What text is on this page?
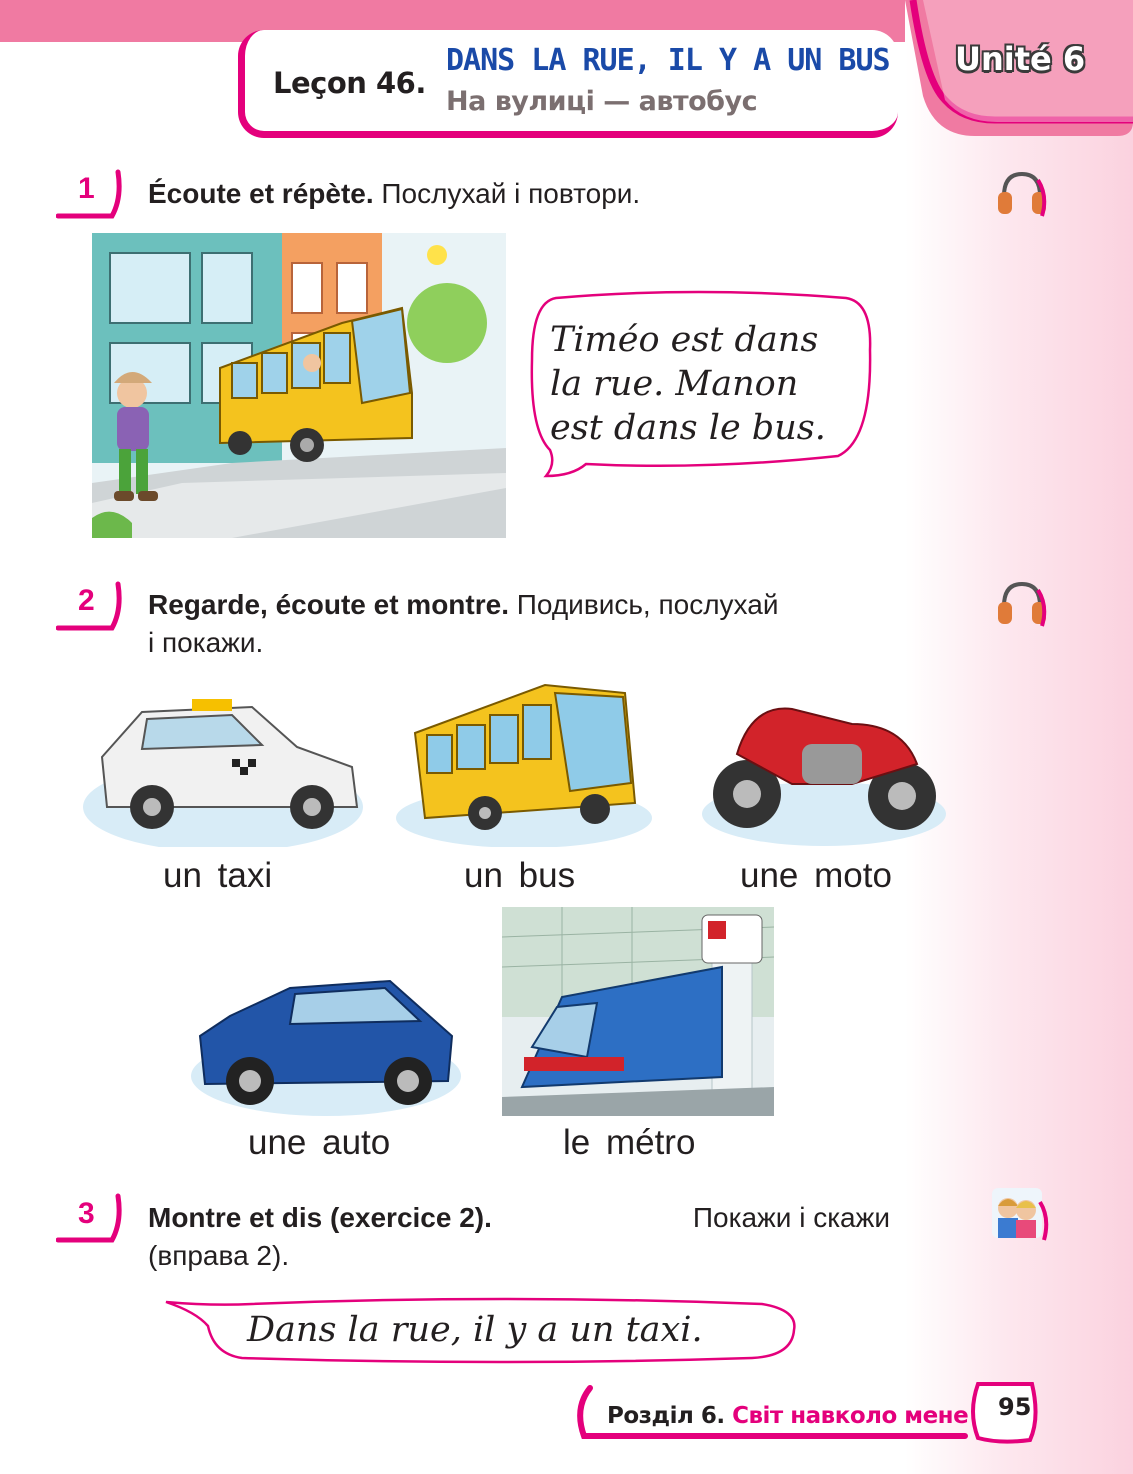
Leçon 46.
DANS LA RUE, IL Y A UN BUS
На вулиці — автобус
Unité 6
1 Écoute et répète. Послухай і повтори.
Timéo est dans
la rue. Manon
est dans le bus.
2 Regarde, écoute et montre. Подивись, послухай
і покажи.
un taxi	un bus	une moto
une auto	le métro
3 Montre et dis (exercice 2).	Покажи і скажи
(вправа 2).
Dans la rue, il y a un taxi.
Розділ 6. Світ навколо мене 95
